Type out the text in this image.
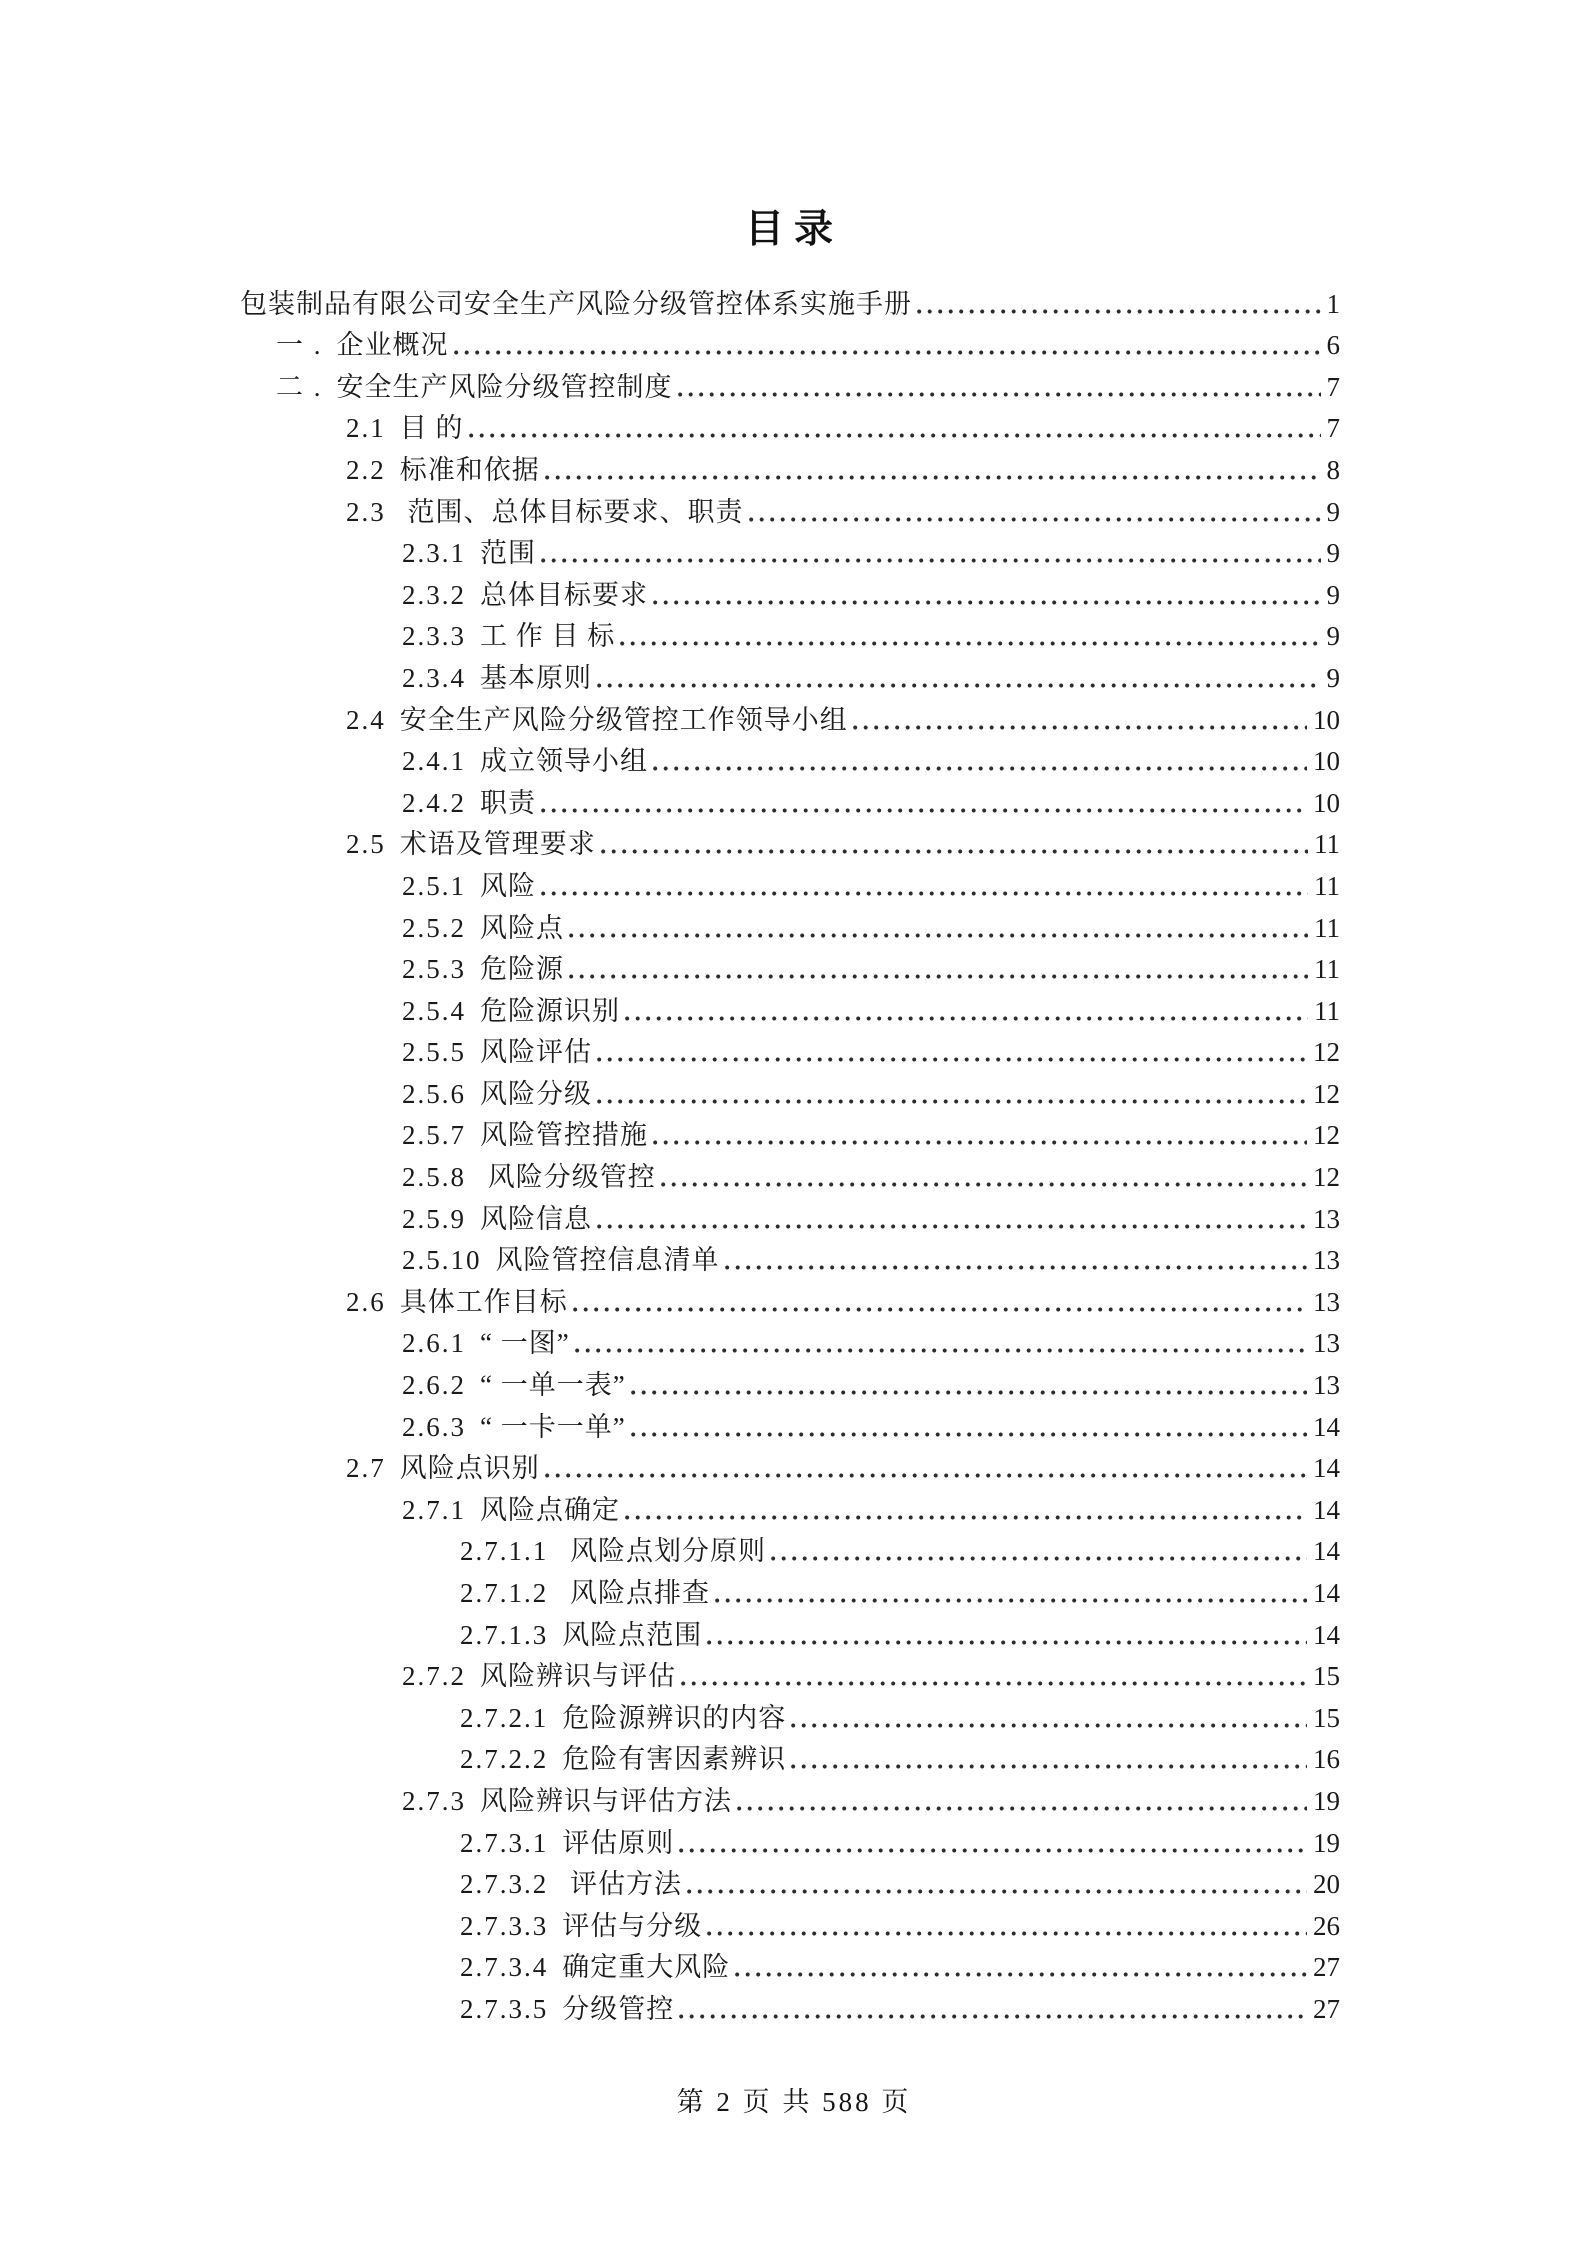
目录
包装制品有限公司安全生产风险分级管控体系实施手册	1
一 . 企业概况	6
二 . 安全生产风险分级管控制度	7
2.1 目 的	7
2.2 标准和依据	8
2.3 范围、总体目标要求、职责	9
2.3.1 范围	9
2.3.2 总体目标要求	9
2.3.3 工 作 目 标	9
2.3.4 基本原则	9
2.4 安全生产风险分级管控工作领导小组	10
2.4.1 成立领导小组	10
2.4.2 职责	10
2.5 术语及管理要求	11
2.5.1 风险	11
2.5.2 风险点	11
2.5.3 危险源	11
2.5.4 危险源识别	11
2.5.5 风险评估	12
2.5.6 风险分级	12
2.5.7 风险管控措施	12
2.5.8 风险分级管控	12
2.5.9 风险信息	13
2.5.10 风险管控信息清单	13
2.6 具体工作目标	13
2.6.1 “ 一图”	13
2.6.2 “ 一单一表”	13
2.6.3 “ 一卡一单”	14
2.7 风险点识别	14
2.7.1 风险点确定	14
2.7.1.1 风险点划分原则	14
2.7.1.2 风险点排查	14
2.7.1.3 风险点范围	14
2.7.2 风险辨识与评估	15
2.7.2.1 危险源辨识的内容	15
2.7.2.2 危险有害因素辨识	16
2.7.3 风险辨识与评估方法	19
2.7.3.1 评估原则	19
2.7.3.2 评估方法	20
2.7.3.3 评估与分级	26
2.7.3.4 确定重大风险	27
2.7.3.5 分级管控	27
第 2 页 共 588 页
